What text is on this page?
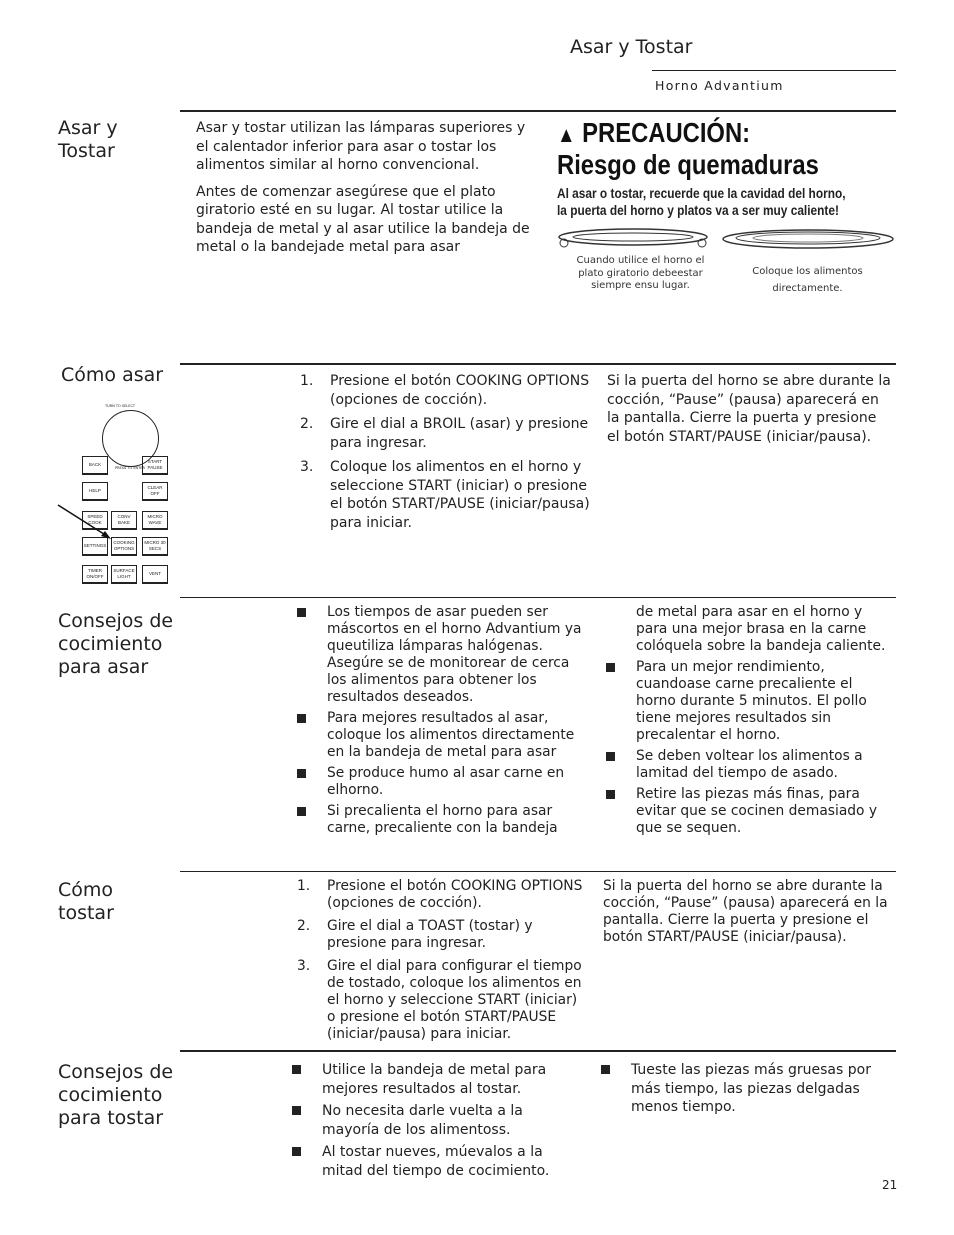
Asar y Tostar
Horno Advantium
Asar y Tostar

Asar y tostar utilizan las lámparas superiores y el calentador inferior para asar o tostar los alimentos similar al horno convencional.

Antes de comenzar asegúrese que el plato giratorio esté en su lugar. Al tostar utilice la bandeja de metal y al asar utilice la bandeja de metal o la bandejade metal para asar

▲ PRECAUCIÓN:
Riesgo de quemaduras
Al asar o tostar, recuerde que la cavidad del horno,
la puerta del horno y platos va a ser muy caliente!
Cuando utilice el horno el plato giratorio debeestar siempre ensu lugar.
Coloque los alimentos directamente.
Cómo asar
TURN TO SELECT
PRESS TO ENTER
BACK
START PAUSE
HELP
CLEAR OFF
SPEED COOK
CONV BAKE
MICRO WAVE
SETTINGS
COOKING OPTIONS
MICRO 30 SECS
TIMER ON/OFF
SURFACE LIGHT
VENT
1. Presione el botón COOKING OPTIONS (opciones de cocción).
2. Gire el dial a BROIL (asar) y presione para ingresar.
3. Coloque los alimentos en el horno y seleccione START (iniciar) o presione el botón START/PAUSE (iniciar/pausa) para iniciar.
Si la puerta del horno se abre durante la cocción, “Pause” (pausa) aparecerá en la pantalla. Cierre la puerta y presione el botón START/PAUSE (iniciar/pausa).
Consejos de cocimiento para asar
Los tiempos de asar pueden ser máscortos en el horno Advantium ya queutiliza lámparas halógenas. Asegúre se de monitorear de cerca los alimentos para obtener los resultados deseados.
Para mejores resultados al asar, coloque los alimentos directamente en la bandeja de metal para asar
Se produce humo al asar carne en elhorno.
Si precalienta el horno para asar carne, precaliente con la bandeja
de metal para asar en el horno y para una mejor brasa en la carne colóquela sobre la bandeja caliente.
Para un mejor rendimiento, cuandoase carne precaliente el horno durante 5 minutos. El pollo tiene mejores resultados sin precalentar el horno.
Se deben voltear los alimentos a lamitad del tiempo de asado.
Retire las piezas más finas, para evitar que se cocinen demasiado y que se sequen.
Cómo tostar
1. Presione el botón COOKING OPTIONS (opciones de cocción).
2. Gire el dial a TOAST (tostar) y presione para ingresar.
3. Gire el dial para configurar el tiempo de tostado, coloque los alimentos en el horno y seleccione START (iniciar) o presione el botón START/PAUSE (iniciar/pausa) para iniciar.
Si la puerta del horno se abre durante la cocción, “Pause” (pausa) aparecerá en la pantalla. Cierre la puerta y presione el botón START/PAUSE (iniciar/pausa).
Consejos de cocimiento para tostar
Utilice la bandeja de metal para mejores resultados al tostar.
No necesita darle vuelta a la mayoría de los alimentoss.
Al tostar nueves, múevalos a la mitad del tiempo de cocimiento.
Tueste las piezas más gruesas por más tiempo, las piezas delgadas menos tiempo.
21
